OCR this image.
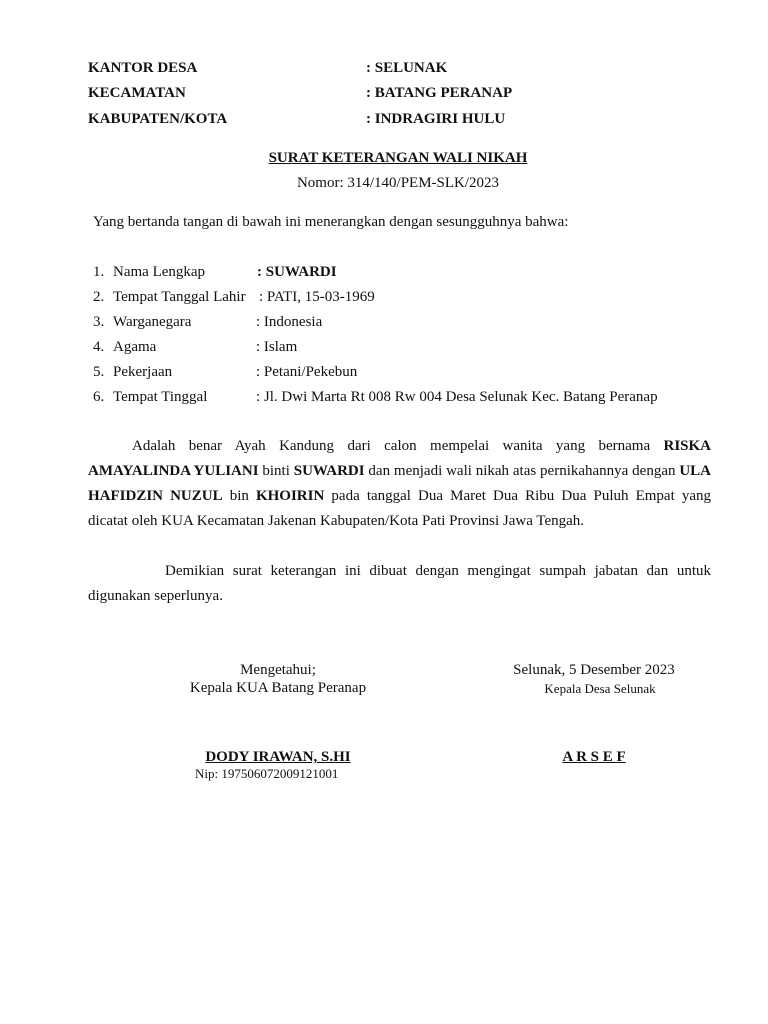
KANTOR DESA	: SELUNAK
KECAMATAN	: BATANG PERANAP
KABUPATEN/KOTA	: INDRAGIRI HULU
SURAT KETERANGAN WALI NIKAH
Nomor: 314/140/PEM-SLK/2023
Yang bertanda tangan di bawah ini menerangkan dengan sesungguhnya bahwa:
1. Nama Lengkap	: SUWARDI
2. Tempat Tanggal Lahir : PATI, 15-03-1969
3. Warganegara	: Indonesia
4. Agama	: Islam
5. Pekerjaan	: Petani/Pekebun
6. Tempat Tinggal	: Jl. Dwi Marta Rt 008 Rw 004 Desa Selunak Kec. Batang Peranap

Adalah benar Ayah Kandung dari calon mempelai wanita yang bernama RISKA AMAYALINDA YULIANI binti SUWARDI dan menjadi wali nikah atas pernikahannya dengan ULA HAFIDZIN NUZUL bin KHOIRIN pada tanggal Dua Maret Dua Ribu Dua Puluh Empat yang dicatat oleh KUA Kecamatan Jakenan Kabupaten/Kota Pati Provinsi Jawa Tengah.

Demikian surat keterangan ini dibuat dengan mengingat sumpah jabatan dan untuk digunakan seperlunya.

Mengetahui;
Kepala KUA Batang Peranap
DODY IRAWAN, S.HI
Nip: 197506072009121001
Selunak, 5 Desember 2023
Kepala Desa Selunak
A R S E F
